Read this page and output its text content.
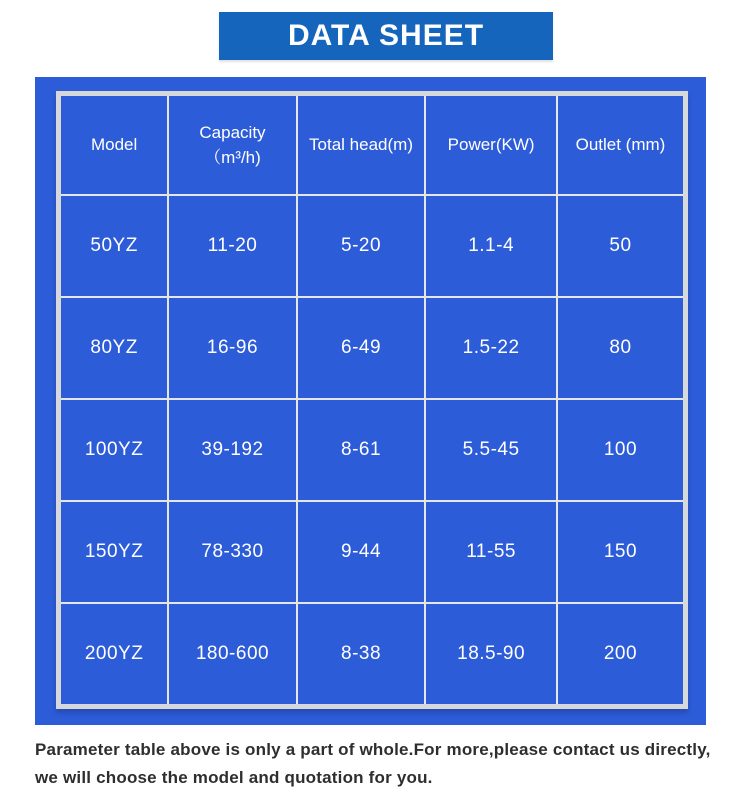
DATA SHEET
Model	Capacity （m³/h)	Total head(m)	Power(KW)	Outlet (mm)
50YZ	11-20	5-20	1.1-4	50
80YZ	16-96	6-49	1.5-22	80
100YZ	39-192	8-61	5.5-45	100
150YZ	78-330	9-44	11-55	150
200YZ	180-600	8-38	18.5-90	200
Parameter table above is only a part of whole.For more,please contact us directly, we will choose the model and quotation for you.
